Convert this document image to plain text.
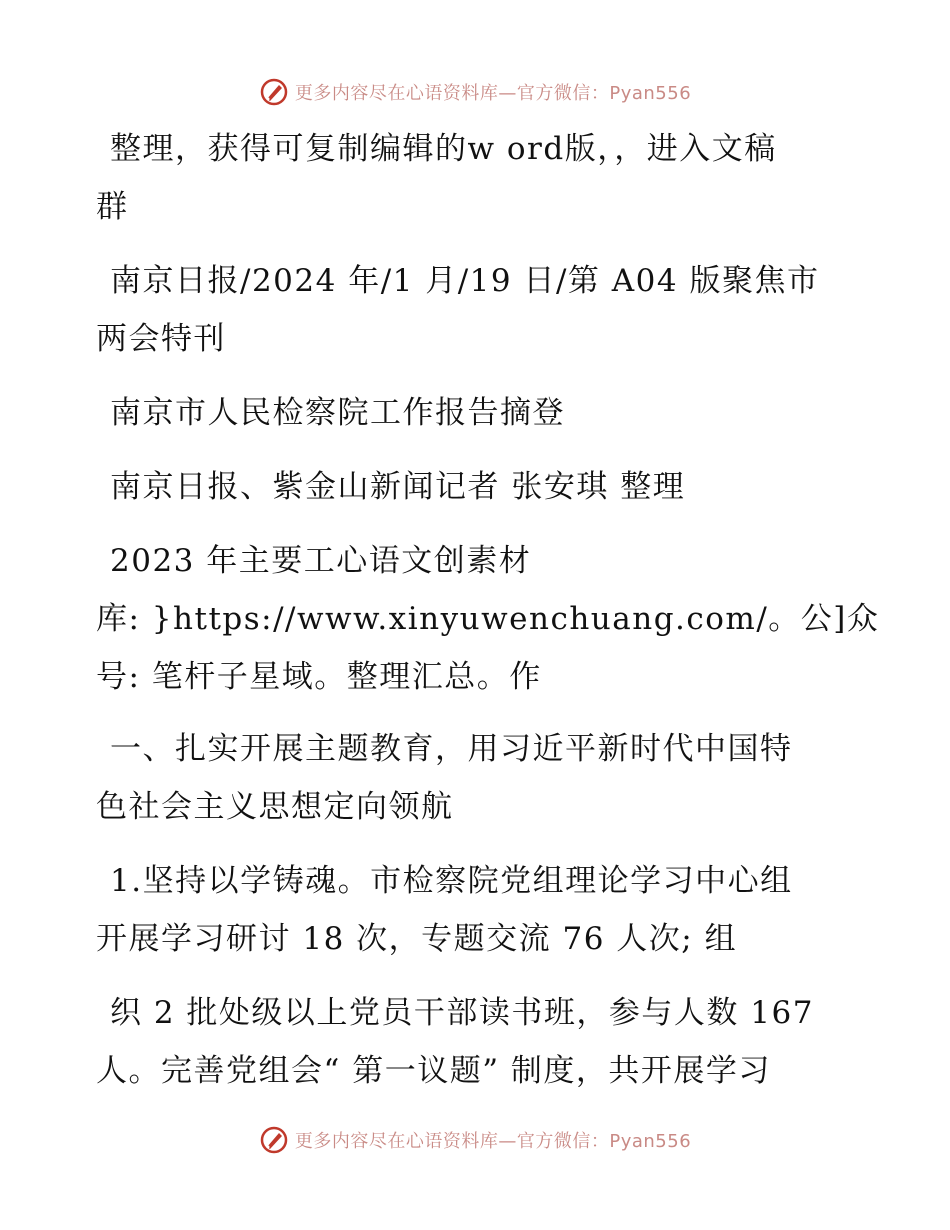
更多内容尽在心语资料库—官方微信：Pyan556

整理，获得可复制编辑的w ord版，，进入文稿
群

南京日报/2024 年/1 月/19 日/第 A04 版聚焦市
两会特刊

南京市人民检察院工作报告摘登

南京日报、紫金山新闻记者 张安琪 整理

2023 年主要工心语文创素材
库: }https://www.xinyuwenchuang.com/。公]众
号: 笔杆子星域。整理汇总。作

一、扎实开展主题教育，用习近平新时代中国特
色社会主义思想定向领航

1.坚持以学铸魂。市检察院党组理论学习中心组
开展学习研讨 18 次，专题交流 76 人次; 组

织 2 批处级以上党员干部读书班，参与人数 167
人。完善党组会“ 第一议题” 制度，共开展学习

更多内容尽在心语资料库—官方微信：Pyan556
